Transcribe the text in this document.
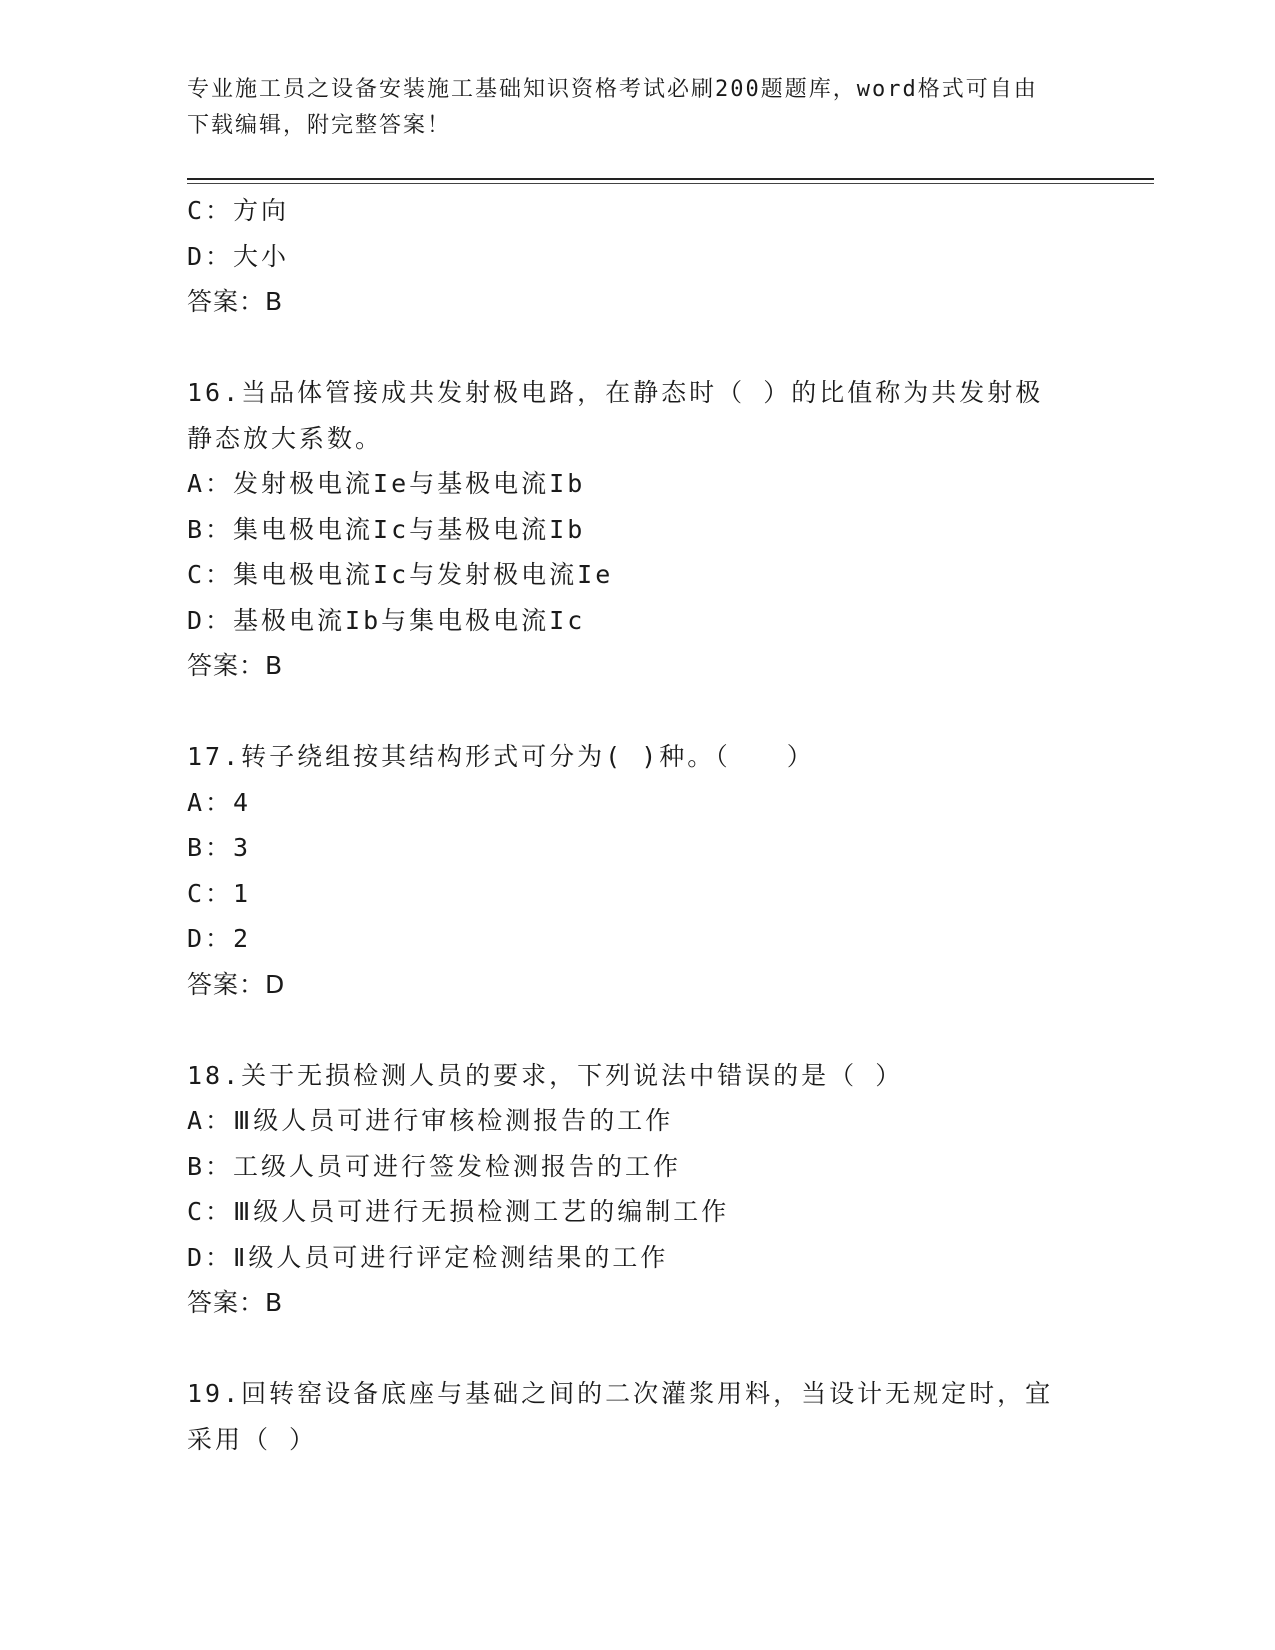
专业施工员之设备安装施工基础知识资格考试必刷200题题库，word格式可自由
下载编辑，附完整答案！
C：方向
D：大小
答案：B
16.当品体管接成共发射极电路，在静态时（ ）的比值称为共发射极
静态放大系数。
A：发射极电流Ie与基极电流Ib
B：集电极电流Ic与基极电流Ib
C：集电极电流Ic与发射极电流Ie
D：基极电流Ib与集电极电流Ic
答案：B
17.转子绕组按其结构形式可分为( )种。（　　）
A：4
B：3
C：1
D：2
答案：D
18.关于无损检测人员的要求，下列说法中错误的是（ ）
A：Ⅲ级人员可进行审核检测报告的工作
B：工级人员可进行签发检测报告的工作
C：Ⅲ级人员可进行无损检测工艺的编制工作
D：Ⅱ级人员可进行评定检测结果的工作
答案：B
19.回转窑设备底座与基础之间的二次灌浆用料，当设计无规定时，宜
采用（ ）
